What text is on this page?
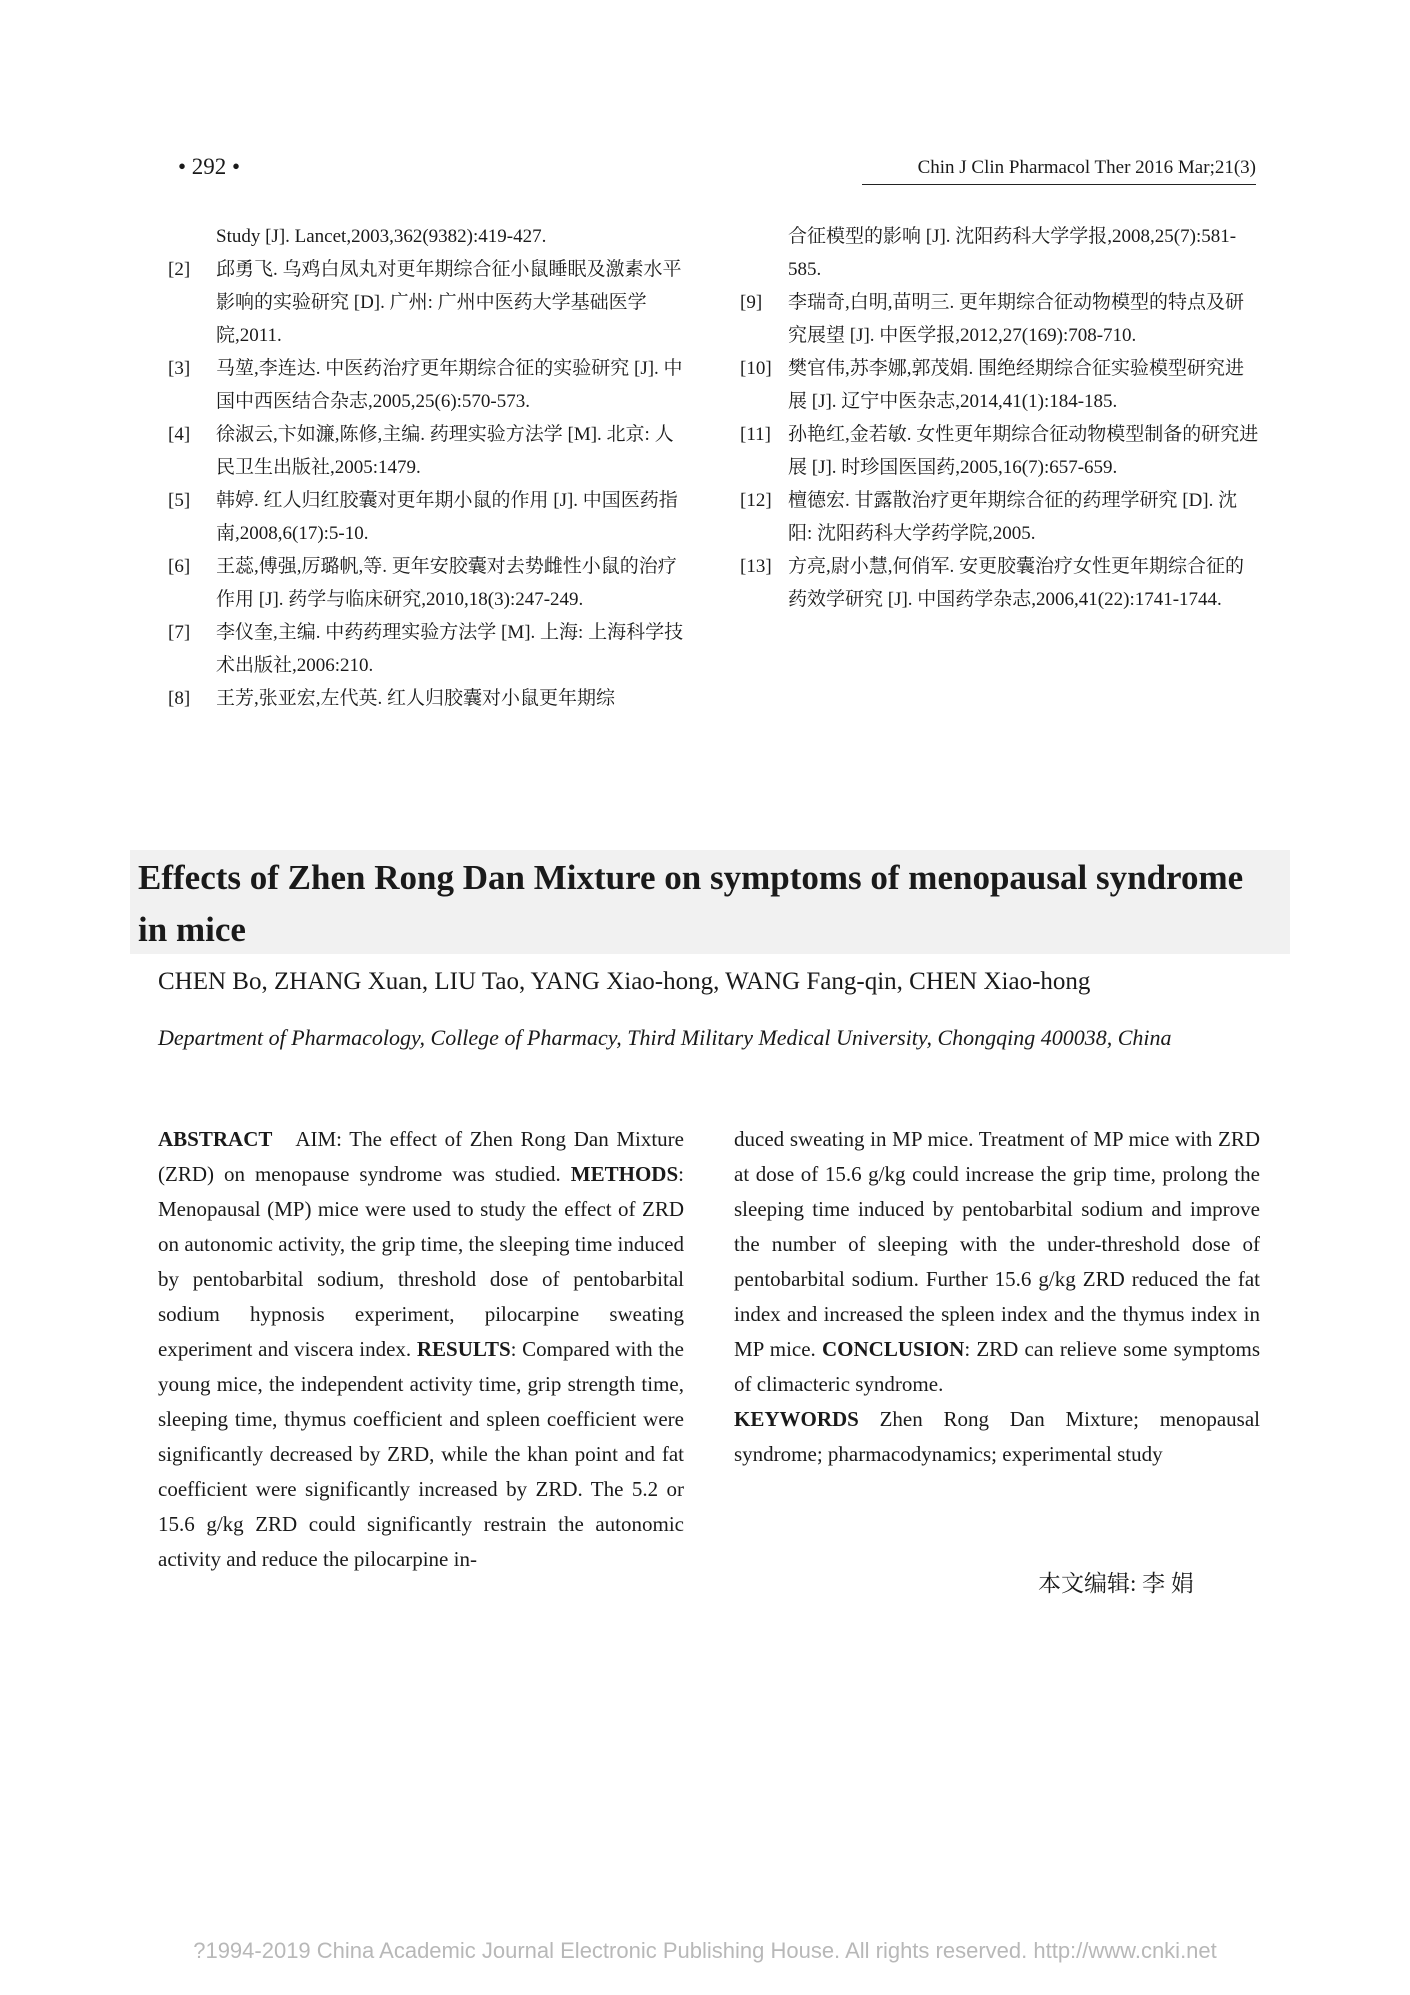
• 292 •	Chin J Clin Pharmacol Ther 2016 Mar;21(3)
Study [J]. Lancet,2003,362(9382):419-427.
[2] 邱勇飞. 乌鸡白凤丸对更年期综合征小鼠睡眠及激素水平影响的实验研究 [D]. 广州: 广州中医药大学基础医学院,2011.
[3] 马堃,李连达. 中医药治疗更年期综合征的实验研究 [J]. 中国中西医结合杂志,2005,25(6):570-573.
[4] 徐淑云,卞如濂,陈修,主编. 药理实验方法学 [M]. 北京: 人民卫生出版社,2005:1479.
[5] 韩婷. 红人归红胶囊对更年期小鼠的作用 [J]. 中国医药指南,2008,6(17):5-10.
[6] 王蕊,傅强,厉璐帆,等. 更年安胶囊对去势雌性小鼠的治疗作用 [J]. 药学与临床研究,2010,18(3):247-249.
[7] 李仪奎,主编. 中药药理实验方法学 [M]. 上海: 上海科学技术出版社,2006:210.
[8] 王芳,张亚宏,左代英. 红人归胶囊对小鼠更年期综
合征模型的影响 [J]. 沈阳药科大学学报,2008,25(7):581-585.
[9] 李瑞奇,白明,苗明三. 更年期综合征动物模型的特点及研究展望 [J]. 中医学报,2012,27(169):708-710.
[10] 樊官伟,苏李娜,郭茂娟. 围绝经期综合征实验模型研究进展 [J]. 辽宁中医杂志,2014,41(1):184-185.
[11] 孙艳红,金若敏. 女性更年期综合征动物模型制备的研究进展 [J]. 时珍国医国药,2005,16(7):657-659.
[12] 檀德宏. 甘露散治疗更年期综合征的药理学研究 [D]. 沈阳: 沈阳药科大学药学院,2005.
[13] 方亮,尉小慧,何俏军. 安更胶囊治疗女性更年期综合征的药效学研究 [J]. 中国药学杂志,2006,41(22):1741-1744.
Effects of Zhen Rong Dan Mixture on symptoms of menopausal syndrome in mice
CHEN Bo, ZHANG Xuan, LIU Tao, YANG Xiao-hong, WANG Fang-qin, CHEN Xiao-hong
Department of Pharmacology, College of Pharmacy, Third Military Medical University, Chongqing 400038, China
ABSTRACT AIM: The effect of Zhen Rong Dan Mixture (ZRD) on menopause syndrome was studied. METHODS: Menopausal (MP) mice were used to study the effect of ZRD on autonomic activity, the grip time, the sleeping time induced by pentobarbital sodium, threshold dose of pentobarbital sodium hypnosis experiment, pilocarpine sweating experiment and viscera index. RESULTS: Compared with the young mice, the independent activity time, grip strength time, sleeping time, thymus coefficient and spleen coefficient were significantly decreased by ZRD, while the khan point and fat coefficient were significantly increased by ZRD. The 5.2 or 15.6 g/kg ZRD could significantly restrain the autonomic activity and reduce the pilocarpine in-
duced sweating in MP mice. Treatment of MP mice with ZRD at dose of 15.6 g/kg could increase the grip time, prolong the sleeping time induced by pentobarbital sodium and improve the number of sleeping with the under-threshold dose of pentobarbital sodium. Further 15.6 g/kg ZRD reduced the fat index and increased the spleen index and the thymus index in MP mice. CONCLUSION: ZRD can relieve some symptoms of climacteric syndrome.
KEYWORDS Zhen Rong Dan Mixture; menopausal syndrome; pharmacodynamics; experimental study
本文编辑: 李 娟
?1994-2019 China Academic Journal Electronic Publishing House. All rights reserved. http://www.cnki.net
